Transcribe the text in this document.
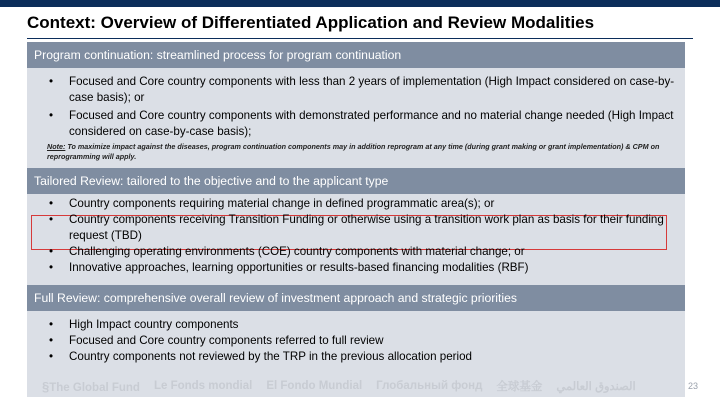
Context: Overview of Differentiated Application and Review Modalities
Program continuation: streamlined process for program continuation
• Focused and Core country components with less than 2 years of implementation (High Impact considered on case-by-case basis); or
• Focused and Core country components with demonstrated performance and no material change needed (High Impact considered on case-by-case basis);
Note: To maximize impact against the diseases, program continuation components may in addition reprogram at any time (during grant making or grant implementation) & CPM on reprogramming will apply.
Tailored Review: tailored to the objective and to the applicant type
• Country components requiring material change in defined programmatic area(s); or
• Country components receiving Transition Funding or otherwise using a transition work plan as basis for their funding request (TBD)
• Challenging operating environments (COE) country components with material change; or
• Innovative approaches, learning opportunities or results-based financing modalities (RBF)
Full Review: comprehensive overall review of investment approach and strategic priorities
• High Impact country components
• Focused and Core country components referred to full review
• Country components not reviewed by the TRP in the previous allocation period
§The Global Fund Le Fonds mondial El Fondo Mundial Глобальный фонд 全球基金 الصندوق العالمي	23
